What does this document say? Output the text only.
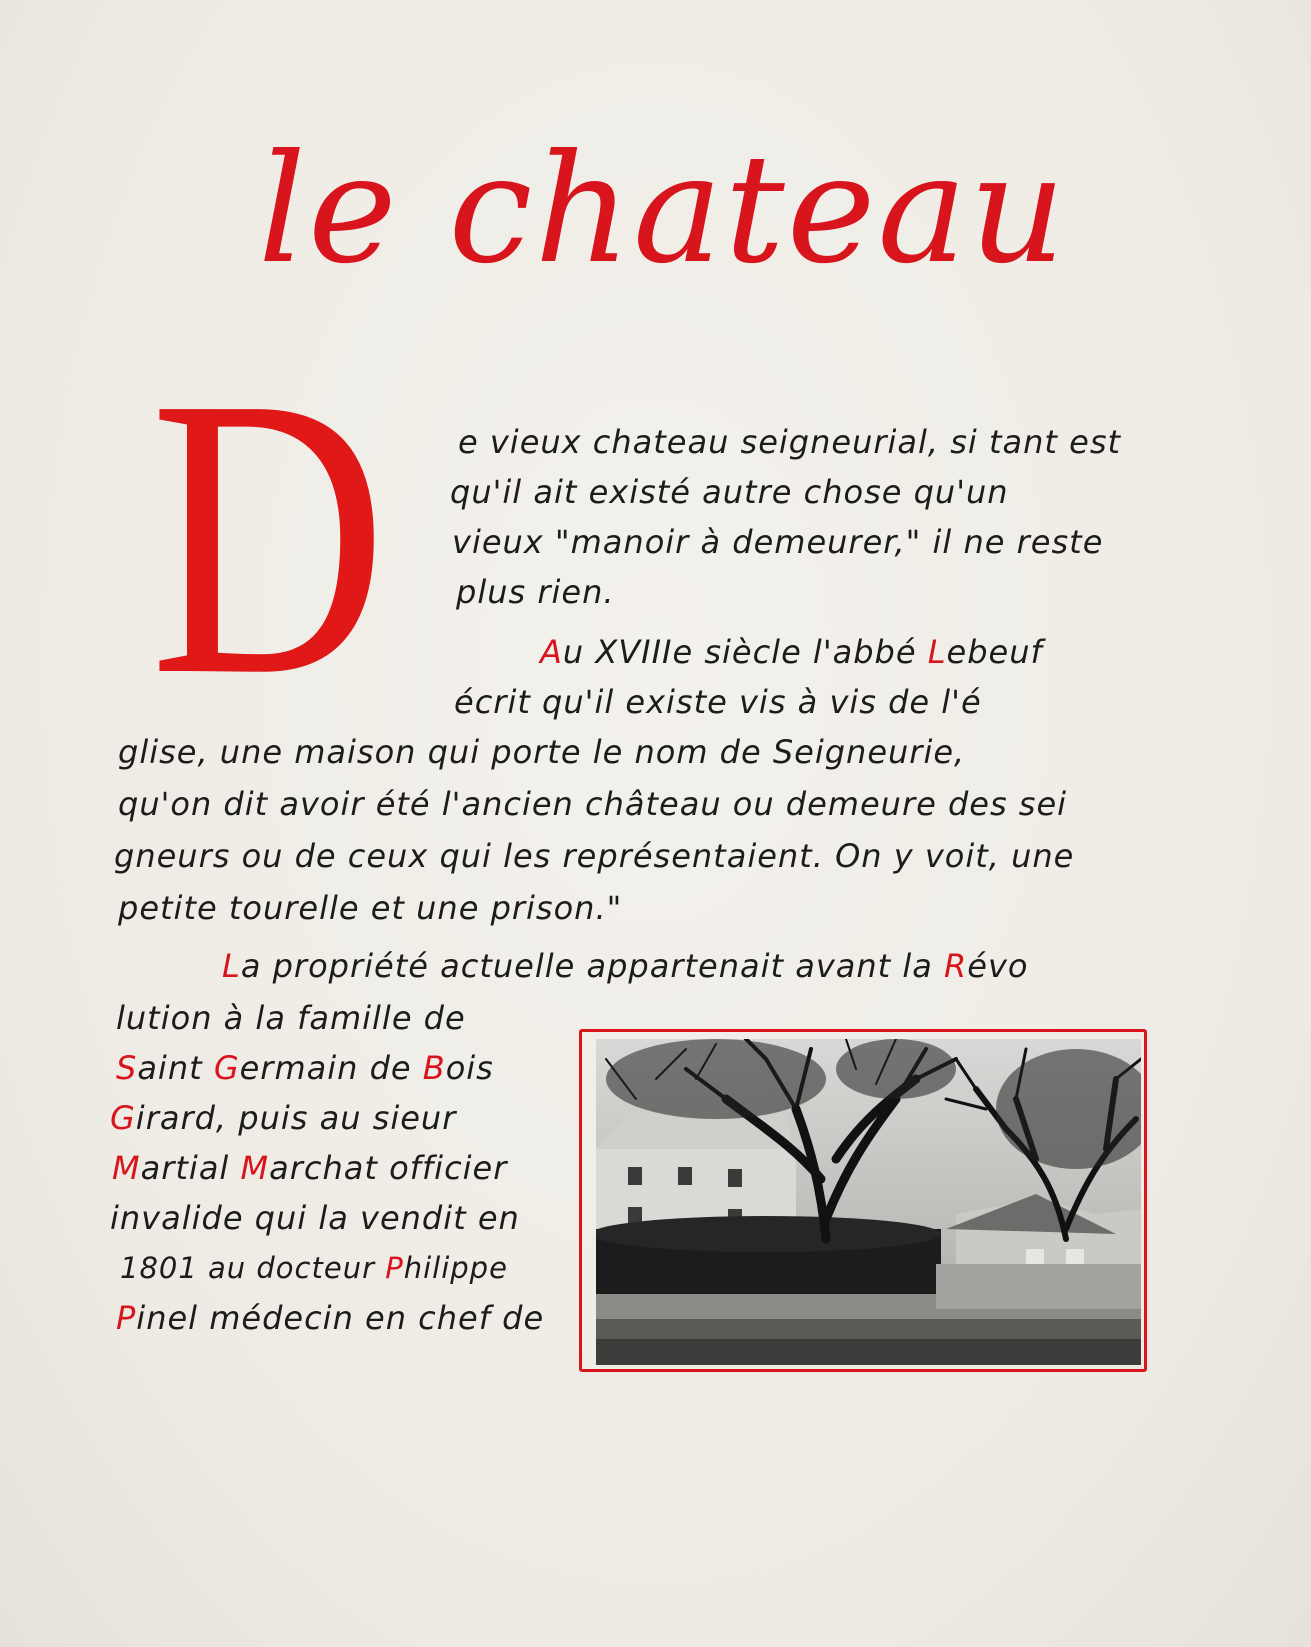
le chateau
D e vieux chateau seigneurial, si tant est
qu'il ait existé autre chose qu'un
vieux "manoir à demeurer," il ne reste
plus rien.
Au XVIIIe siècle l'abbé Lebeuf
écrit qu'il existe vis à vis de l'é
glise, une maison qui porte le nom de Seigneurie,
qu'on dit avoir été l'ancien château ou demeure des sei
gneurs ou de ceux qui les représentaient. On y voit, une
petite tourelle et une prison."
La propriété actuelle appartenait avant la Révo
lution à la famille de
Saint Germain de Bois
Girard, puis au sieur
Martial Marchat officier
invalide qui la vendit en
1801 au docteur Philippe
Pinel médecin en chef de
